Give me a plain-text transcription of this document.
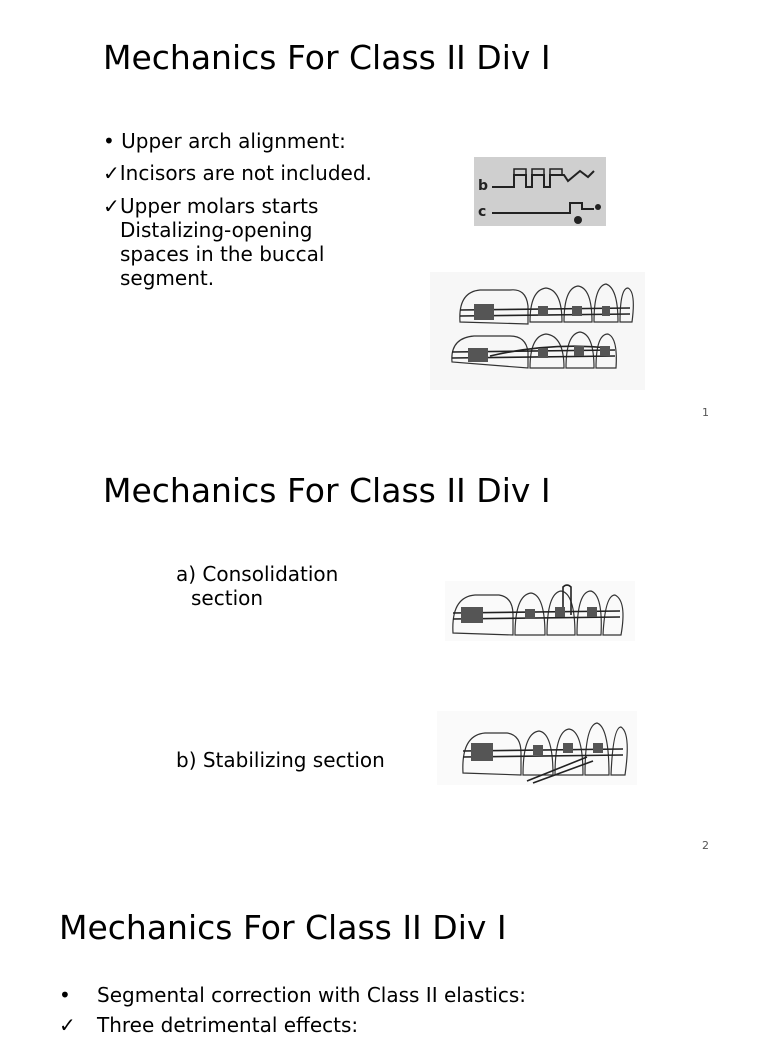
Mechanics For Class II Div I
• Upper arch alignment:
✓Incisors are not included.
✓ Upper molars starts Distalizing-opening spaces in the buccal segment.
b
c
1
Mechanics For Class II Div I
a) Consolidation section
b) Stabilizing section
2
Mechanics For Class II Div I
• Segmental correction with Class II elastics:
✓ Three detrimental effects:
